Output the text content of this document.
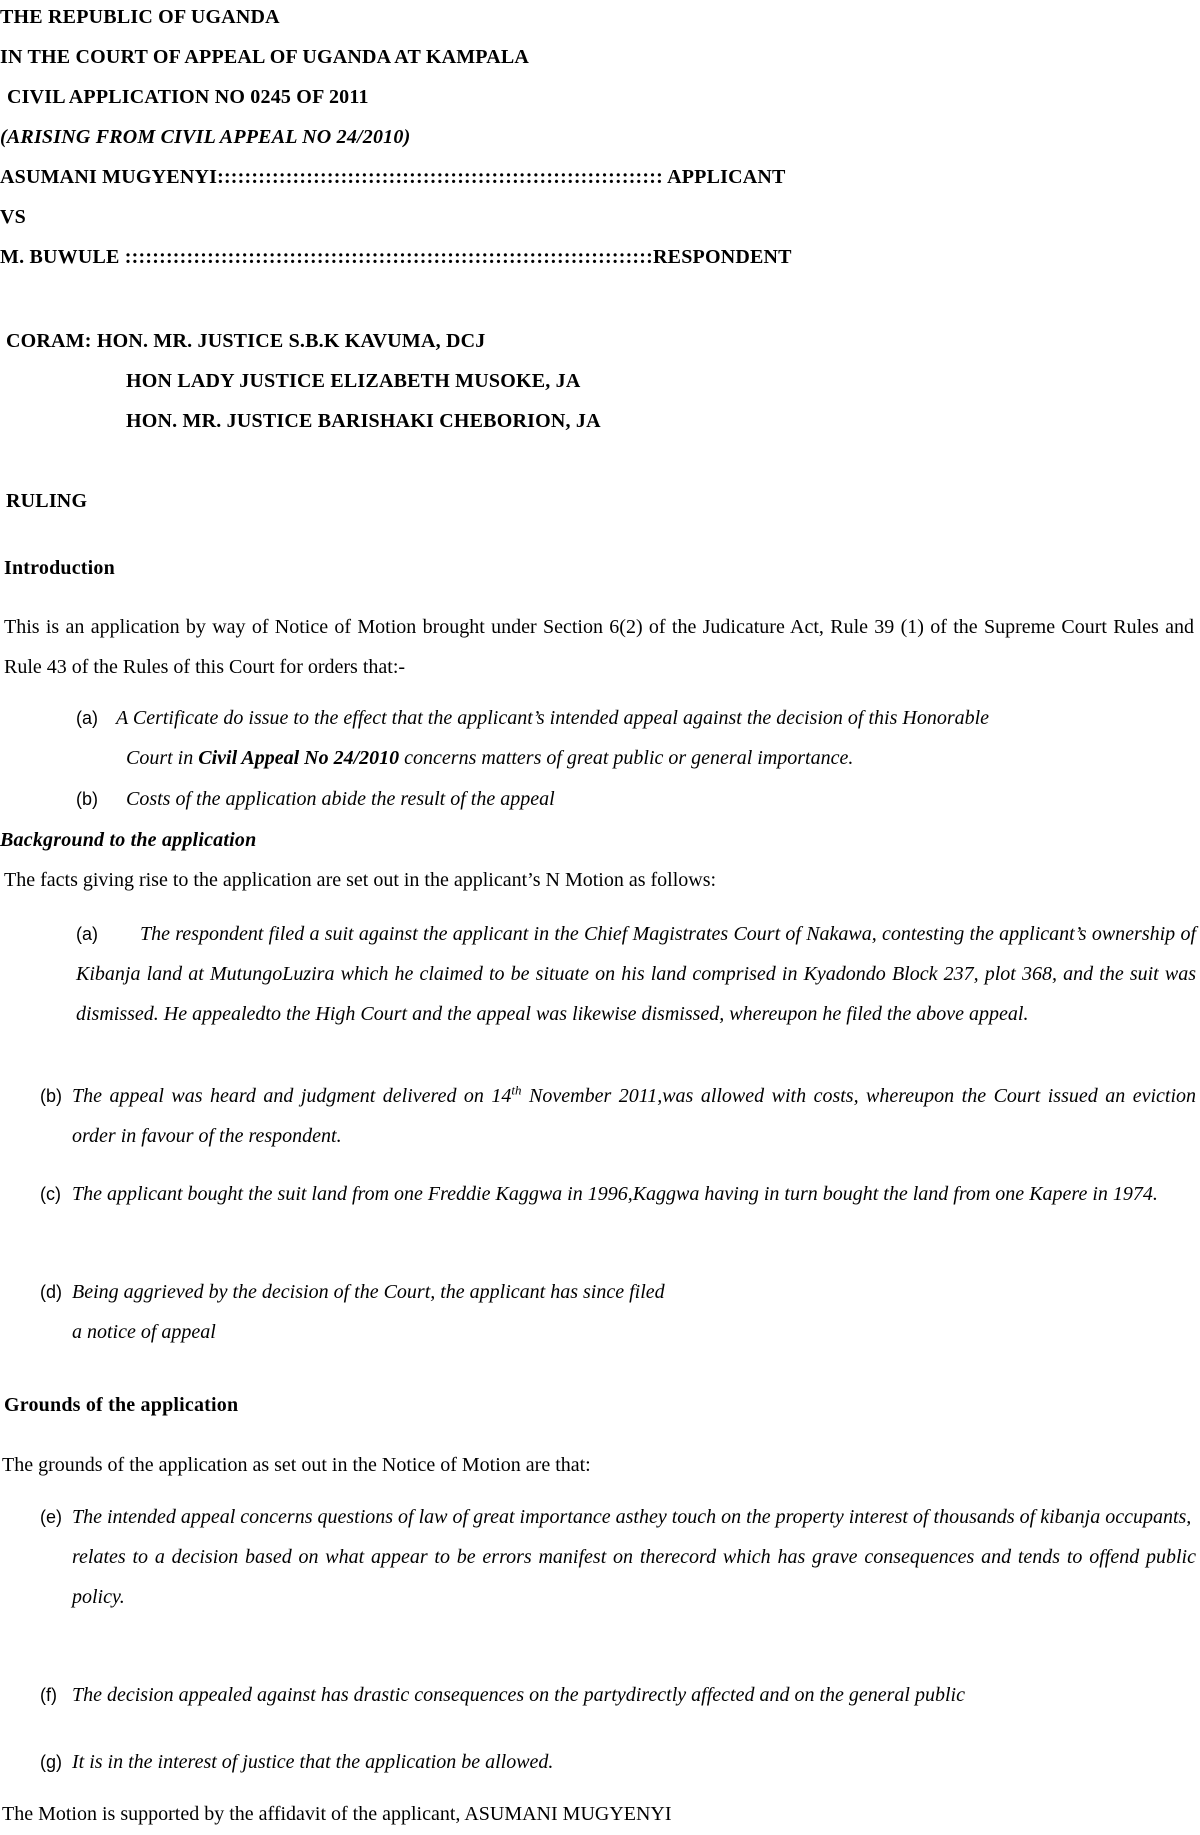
THE REPUBLIC OF UGANDA
IN THE COURT OF APPEAL OF UGANDA AT KAMPALA
CIVIL APPLICATION NO 0245 OF 2011
(ARISING FROM CIVIL APPEAL NO 24/2010)
ASUMANI MUGYENYI::::::::::::::::::::::::::::::::::::::::::::::::::::::::::::::::: APPLICANT
VS
M. BUWULE :::::::::::::::::::::::::::::::::::::::::::::::::::::::::::::::::::::::::::::RESPONDENT
CORAM: HON. MR. JUSTICE S.B.K KAVUMA, DCJ
HON LADY JUSTICE ELIZABETH MUSOKE, JA
HON. MR. JUSTICE BARISHAKI CHEBORION, JA
RULING
Introduction
This is an application by way of Notice of Motion brought under Section 6(2) of the Judicature Act, Rule 39 (1) of the Supreme Court Rules and Rule 43 of the Rules of this Court for orders that:-
(a) A Certificate do issue to the effect that the applicant’s intended appeal against the decision of this Honorable
Court in Civil Appeal No 24/2010 concerns matters of great public or general importance.
(b)	Costs of the application abide the result of the appeal
Background to the application
The facts giving rise to the application are set out in the applicant’s N Motion as follows:
(a)	The respondent filed a suit against the applicant in the Chief Magistrates Court of Nakawa, contesting the applicant’s ownership of Kibanja land at MutungoLuzira which he claimed to be situate on his land comprised in Kyadondo Block 237, plot 368, and the suit was dismissed. He appealedto the High Court and the appeal was likewise dismissed, whereupon he filed the above appeal.
(b) The appeal was heard and judgment delivered on 14th November 2011,was allowed with costs, whereupon the Court issued an eviction order in favour of the respondent.
(c) The applicant bought the suit land from one Freddie Kaggwa in 1996,Kaggwa having in turn bought the land from one Kapere in 1974.
(d) Being aggrieved by the decision of the Court, the applicant has since filed
a notice of appeal
Grounds of the application
The grounds of the application as set out in the Notice of Motion are that:
(e) The intended appeal concerns questions of law of great importance asthey touch on the property interest of thousands of kibanja occupants,
relates to a decision based on what appear to be errors manifest on therecord which has grave consequences and tends to offend public policy.
(f) The decision appealed against has drastic consequences on the partydirectly affected and on the general public
(g) It is in the interest of justice that the application be allowed.
The Motion is supported by the affidavit of the applicant, ASUMANI MUGYENYI
